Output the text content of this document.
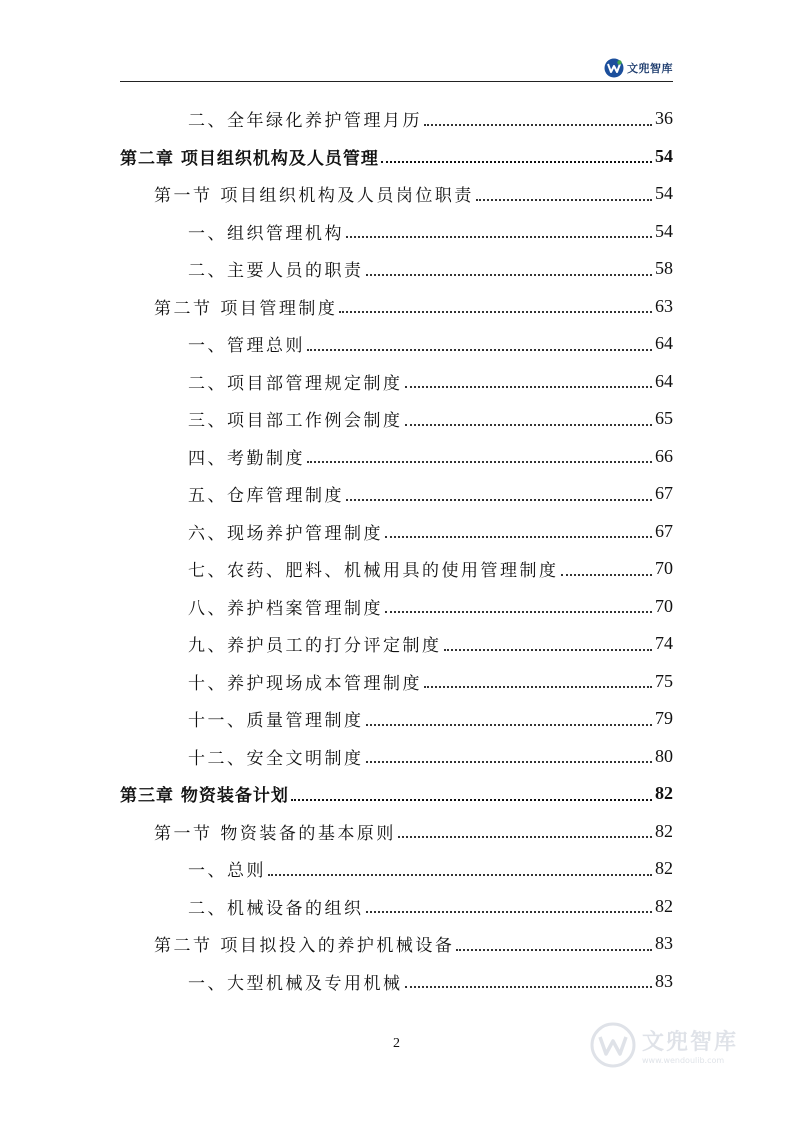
文兜智库
二、全年绿化养护管理月历	36
第二章 项目组织机构及人员管理	54
第一节 项目组织机构及人员岗位职责	54
一、组织管理机构	54
二、主要人员的职责	58
第二节 项目管理制度	63
一、管理总则	64
二、项目部管理规定制度	64
三、项目部工作例会制度	65
四、考勤制度	66
五、仓库管理制度	67
六、现场养护管理制度	67
七、农药、肥料、机械用具的使用管理制度	70
八、养护档案管理制度	70
九、养护员工的打分评定制度	74
十、养护现场成本管理制度	75
十一、质量管理制度	79
十二、安全文明制度	80
第三章 物资装备计划	82
第一节 物资装备的基本原则	82
一、总则	82
二、机械设备的组织	82
第二节 项目拟投入的养护机械设备	83
一、大型机械及专用机械	83
2	文兜智库
www.wendoulib.com
